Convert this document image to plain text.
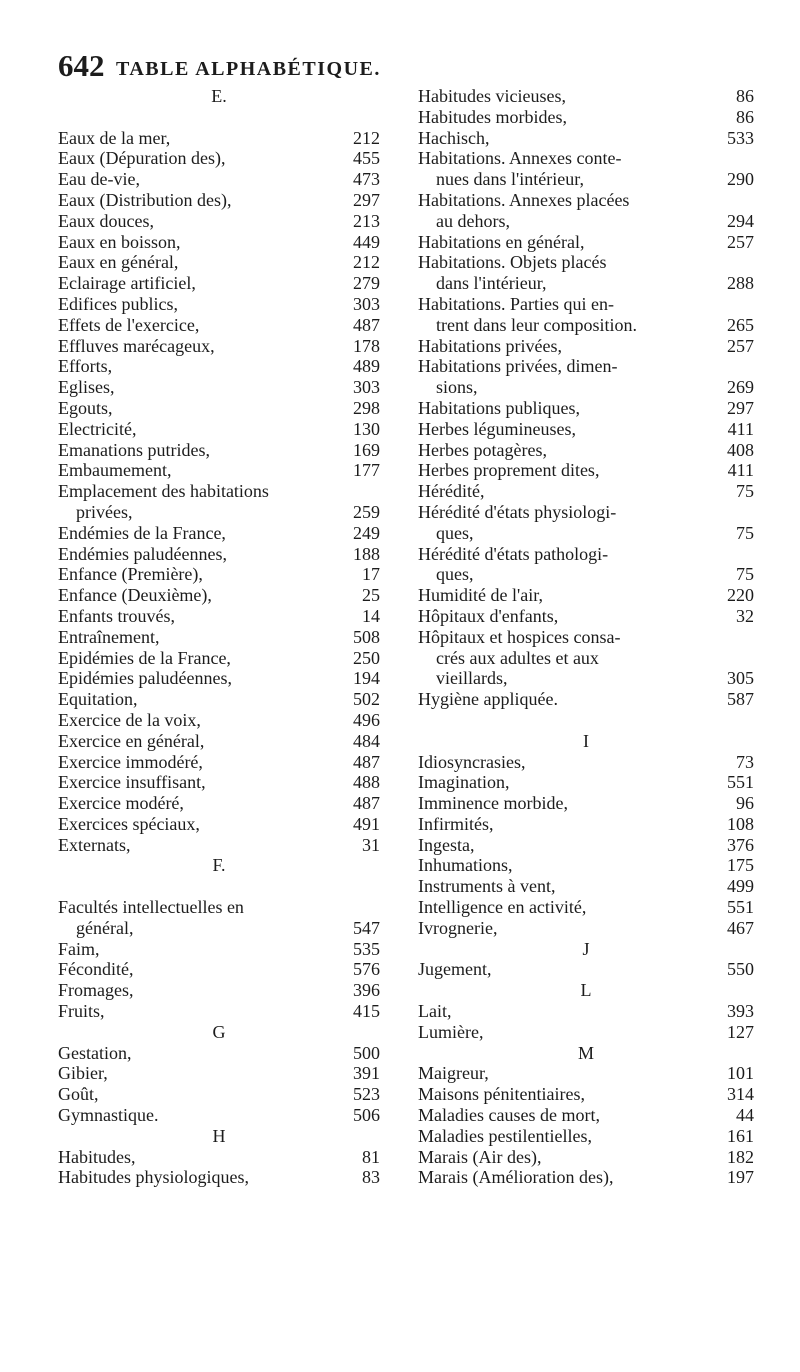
642 TABLE ALPHABÉTIQUE.
E.
Eaux de la mer,	212
Eaux (Dépuration des),	455
Eau de-vie,	473
Eaux (Distribution des),	297
Eaux douces,	213
Eaux en boisson,	449
Eaux en général,	212
Eclairage artificiel,	279
Edifices publics,	303
Effets de l'exercice,	487
Effluves marécageux,	178
Efforts,	489
Eglises,	303
Egouts,	298
Electricité,	130
Emanations putrides,	169
Embaumement,	177
Emplacement des habitations
privées,	259
Endémies de la France,	249
Endémies paludéennes,	188
Enfance (Première),	17
Enfance (Deuxième),	25
Enfants trouvés,	14
Entraînement,	508
Epidémies de la France,	250
Epidémies paludéennes,	194
Equitation,	502
Exercice de la voix,	496
Exercice en général,	484
Exercice immodéré,	487
Exercice insuffisant,	488
Exercice modéré,	487
Exercices spéciaux,	491
Externats,	31
F.
Facultés intellectuelles en
général,	547
Faim,	535
Fécondité,	576
Fromages,	396
Fruits,	415
G
Gestation,	500
Gibier,	391
Goût,	523
Gymnastique.	506
H
Habitudes,	81
Habitudes physiologiques,	83
Habitudes vicieuses,	86
Habitudes morbides,	86
Hachisch,	533
Habitations. Annexes conte-
nues dans l'intérieur,	290
Habitations. Annexes placées
au dehors,	294
Habitations en général,	257
Habitations. Objets placés
dans l'intérieur,	288
Habitations. Parties qui en-
trent dans leur composition.	265
Habitations privées,	257
Habitations privées, dimen-
sions,	269
Habitations publiques,	297
Herbes légumineuses,	411
Herbes potagères,	408
Herbes proprement dites,	411
Hérédité,	75
Hérédité d'états physiologi-
ques,	75
Hérédité d'états pathologi-
ques,	75
Humidité de l'air,	220
Hôpitaux d'enfants,	32
Hôpitaux et hospices consa-
crés aux adultes et aux
vieillards,	305
Hygiène appliquée.	587
I
Idiosyncrasies,	73
Imagination,	551
Imminence morbide,	96
Infirmités,	108
Ingesta,	376
Inhumations,	175
Instruments à vent,	499
Intelligence en activité,	551
Ivrognerie,	467
J
Jugement,	550
L
Lait,	393
Lumière,	127
M
Maigreur,	101
Maisons pénitentiaires,	314
Maladies causes de mort,	44
Maladies pestilentielles,	161
Marais (Air des),	182
Marais (Amélioration des),	197
